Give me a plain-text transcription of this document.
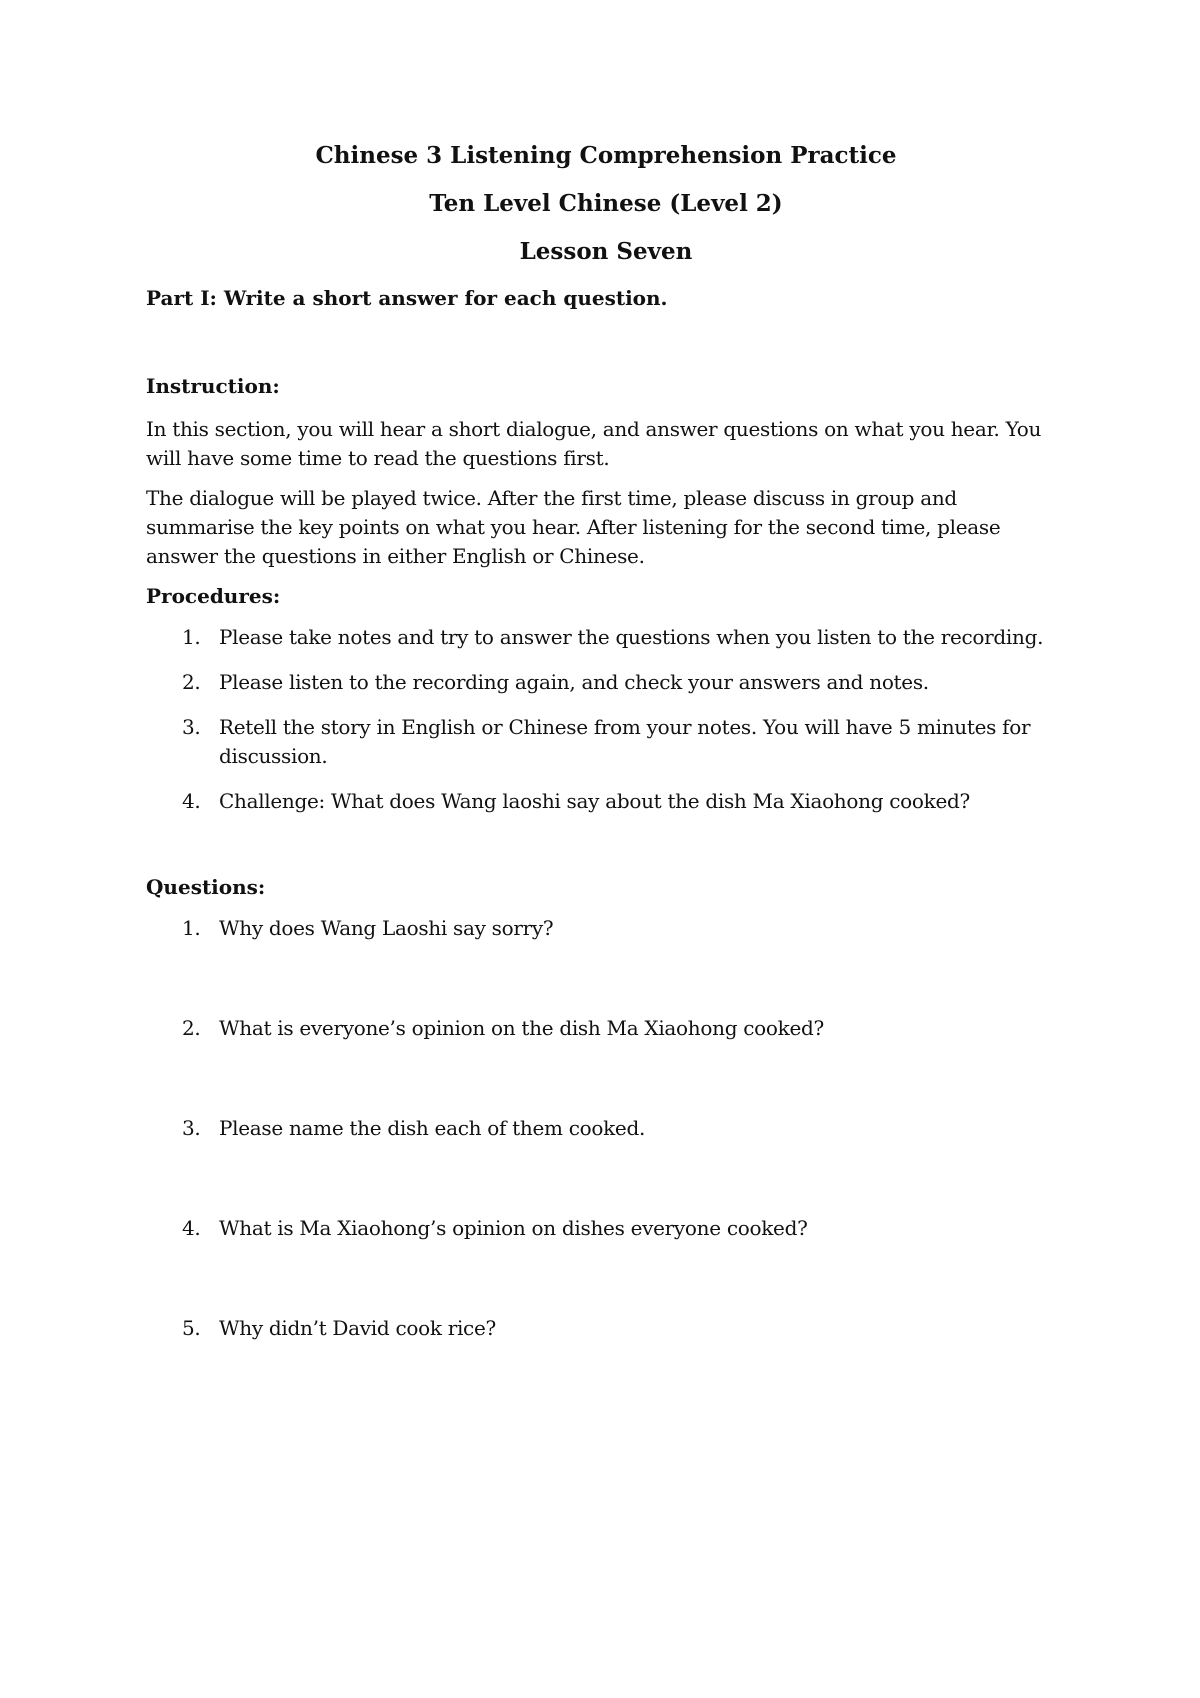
Chinese 3 Listening Comprehension Practice
Ten Level Chinese (Level 2)
Lesson Seven

Part I: Write a short answer for each question.

Instruction:

In this section, you will hear a short dialogue, and answer questions on what you hear. You will have some time to read the questions first.

The dialogue will be played twice. After the first time, please discuss in group and summarise the key points on what you hear. After listening for the second time, please answer the questions in either English or Chinese.

Procedures:

1. Please take notes and try to answer the questions when you listen to the recording.
2. Please listen to the recording again, and check your answers and notes.
3. Retell the story in English or Chinese from your notes. You will have 5 minutes for discussion.
4. Challenge: What does Wang laoshi say about the dish Ma Xiaohong cooked?

Questions:

1. Why does Wang Laoshi say sorry?
2. What is everyone’s opinion on the dish Ma Xiaohong cooked?
3. Please name the dish each of them cooked.
4. What is Ma Xiaohong’s opinion on dishes everyone cooked?
5. Why didn’t David cook rice?
